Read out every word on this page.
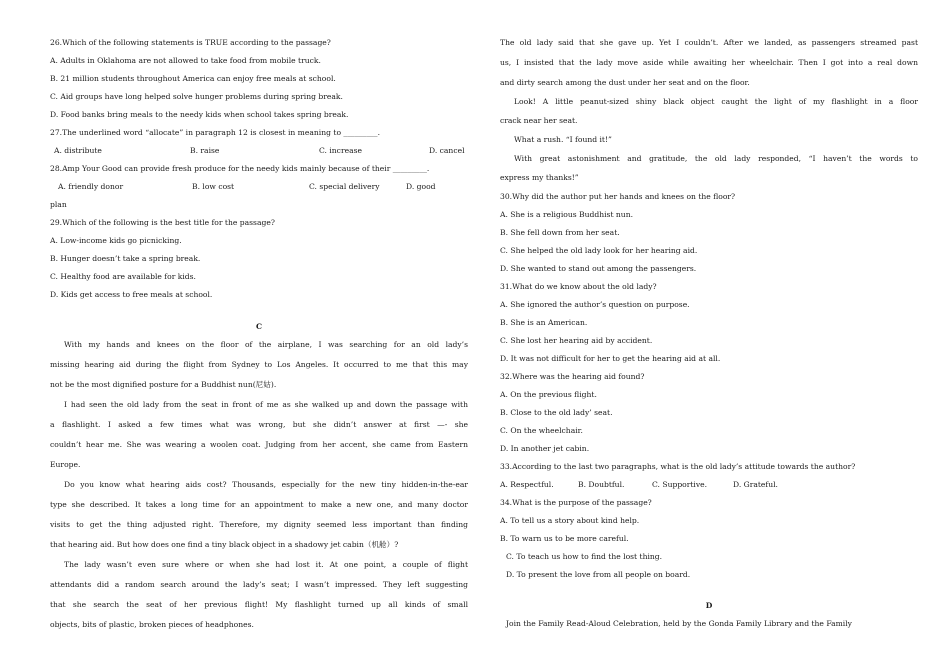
26.Which of the following statements is TRUE according to the passage?
A. Adults in Oklahoma are not allowed to take food from mobile truck.
B. 21 million students throughout America can enjoy free meals at school.
C. Aid groups have long helped solve hunger problems during spring break.
D. Food banks bring meals to the needy kids when school takes spring break.
27.The underlined word “allocate” in paragraph 12 is closest in meaning to _________.
A. distribute	B. raise	C. increase	D. cancel
28.Amp Your Good can provide fresh produce for the needy kids mainly because of their _________.
A. friendly donor	B. low cost	C. special delivery	D. good
plan
29.Which of the following is the best title for the passage?
A. Low-income kids go picnicking.
B. Hunger doesn’t take a spring break.
C. Healthy food are available for kids.
D. Kids get access to free meals at school.
C
With my hands and knees on the floor of the airplane, I was searching for an old lady’s
missing hearing aid during the flight from Sydney to Los Angeles. It occurred to me that this may
not be the most dignified posture for a Buddhist nun(尼姑).
I had seen the old lady from the seat in front of me as she walked up and down the passage with
a flashlight. I asked a few times what was wrong, but she didn’t answer at first —- she
couldn’t hear me. She was wearing a woolen coat. Judging from her accent, she came from Eastern
Europe.
Do you know what hearing aids cost? Thousands, especially for the new tiny hidden-in-the-ear
type she described. It takes a long time for an appointment to make a new one, and many doctor
visits to get the thing adjusted right. Therefore, my dignity seemed less important than finding
that hearing aid. But how does one find a tiny black object in a shadowy jet cabin（机舱）?
The lady wasn’t even sure where or when she had lost it. At one point, a couple of flight
attendants did a random search around the lady’s seat; I wasn’t impressed. They left suggesting
that she search the seat of her previous flight! My flashlight turned up all kinds of small
objects, bits of plastic, broken pieces of headphones.
The old lady said that she gave up. Yet I couldn’t. After we landed, as passengers streamed past
us, I insisted that the lady move aside while awaiting her wheelchair. Then I got into a real down
and dirty search among the dust under her seat and on the floor.
Look! A little peanut-sized shiny black object caught the light of my flashlight in a floor
crack near her seat.
What a rush. “I found it!”
With great astonishment and gratitude, the old lady responded, “I haven’t the words to
express my thanks!”
30.Why did the author put her hands and knees on the floor?
A. She is a religious Buddhist nun.
B. She fell down from her seat.
C. She helped the old lady look for her hearing aid.
D. She wanted to stand out among the passengers.
31.What do we know about the old lady?
A. She ignored the author’s question on purpose.
B. She is an American.
C. She lost her hearing aid by accident.
D. It was not difficult for her to get the hearing aid at all.
32.Where was the hearing aid found?
A. On the previous flight.
B. Close to the old lady’ seat.
C. On the wheelchair.
D. In another jet cabin.
33.According to the last two paragraphs, what is the old lady’s attitude towards the author?
A. Respectful.	B. Doubtful.	C. Supportive.	D. Grateful.
34.What is the purpose of the passage?
A. To tell us a story about kind help.
B. To warn us to be more careful.
C. To teach us how to find the lost thing.
D. To present the love from all people on board.
D
Join the Family Read-Aloud Celebration, held by the Gonda Family Library and the Family
